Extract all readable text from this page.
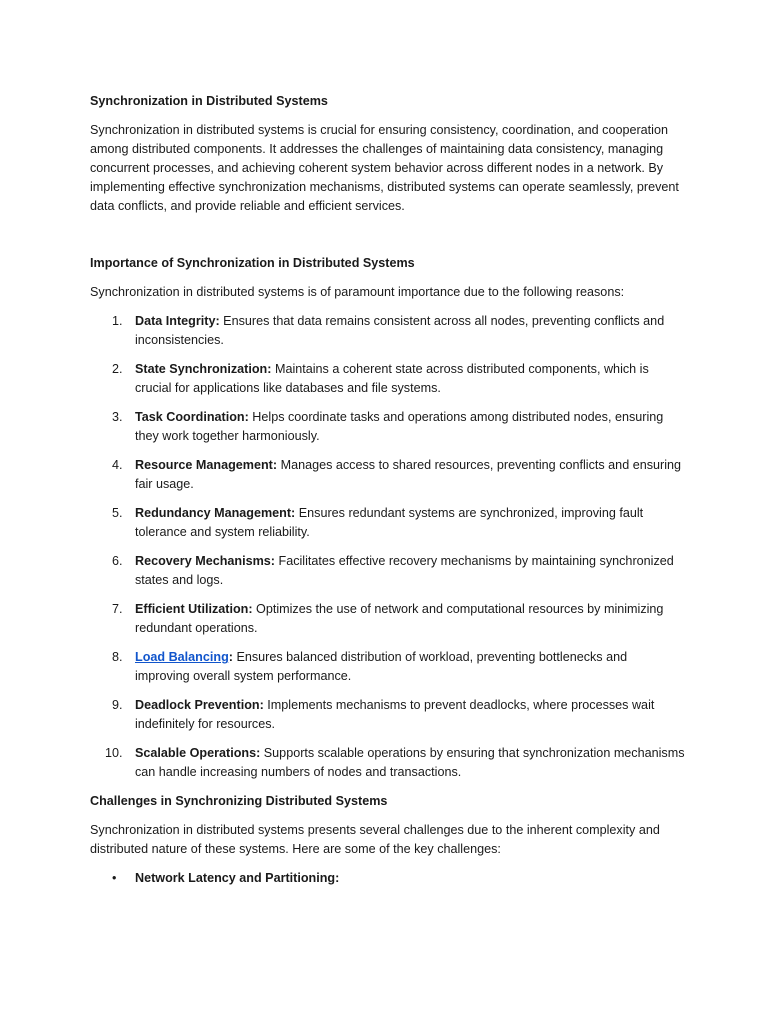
Synchronization in Distributed Systems

Synchronization in distributed systems is crucial for ensuring consistency, coordination, and cooperation among distributed components. It addresses the challenges of maintaining data consistency, managing concurrent processes, and achieving coherent system behavior across different nodes in a network. By implementing effective synchronization mechanisms, distributed systems can operate seamlessly, prevent data conflicts, and provide reliable and efficient services.

Importance of Synchronization in Distributed Systems

Synchronization in distributed systems is of paramount importance due to the following reasons:

1. Data Integrity: Ensures that data remains consistent across all nodes, preventing conflicts and inconsistencies.
2. State Synchronization: Maintains a coherent state across distributed components, which is crucial for applications like databases and file systems.
3. Task Coordination: Helps coordinate tasks and operations among distributed nodes, ensuring they work together harmoniously.
4. Resource Management: Manages access to shared resources, preventing conflicts and ensuring fair usage.
5. Redundancy Management: Ensures redundant systems are synchronized, improving fault tolerance and system reliability.
6. Recovery Mechanisms: Facilitates effective recovery mechanisms by maintaining synchronized states and logs.
7. Efficient Utilization: Optimizes the use of network and computational resources by minimizing redundant operations.
8. Load Balancing: Ensures balanced distribution of workload, preventing bottlenecks and improving overall system performance.
9. Deadlock Prevention: Implements mechanisms to prevent deadlocks, where processes wait indefinitely for resources.
10. Scalable Operations: Supports scalable operations by ensuring that synchronization mechanisms can handle increasing numbers of nodes and transactions.
Challenges in Synchronizing Distributed Systems

Synchronization in distributed systems presents several challenges due to the inherent complexity and distributed nature of these systems. Here are some of the key challenges:

• Network Latency and Partitioning:
